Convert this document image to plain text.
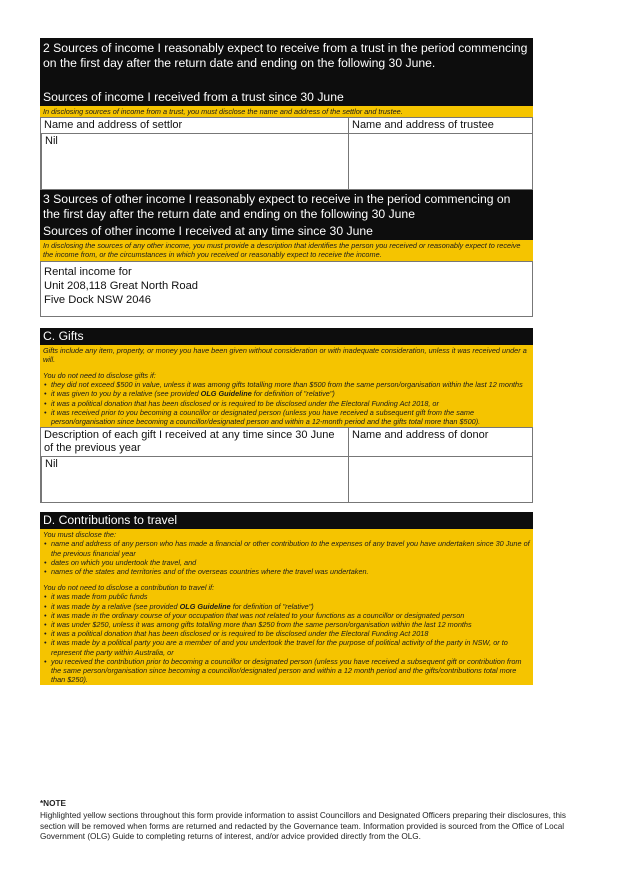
2 Sources of income I reasonably expect to receive from a trust in the period commencing on the first day after the return date and ending on the following 30 June.
Sources of income I received from a trust since 30 June
In disclosing sources of income from a trust, you must disclose the name and address of the settlor and trustee.
Name and address of settlor	Name and address of trustee
Nil
3 Sources of other income I reasonably expect to receive in the period commencing on the first day after the return date and ending on the following 30 June
Sources of other income I received at any time since 30 June
In disclosing the sources of any other income, you must provide a description that identifies the person you received or reasonably expect to receive the income from, or the circumstances in which you received or reasonably expect to receive the income.
Rental income for
Unit 208,118 Great North Road
Five Dock NSW 2046
C. Gifts

Gifts include any item, property, or money you have been given without consideration or with inadequate consideration, unless it was received under a will.

You do not need to disclose gifts if:

• they did not exceed $500 in value, unless it was among gifts totalling more than $500 from the same person/organisation within the last 12 months
• it was given to you by a relative (see provided OLG Guideline for definition of "relative")
• it was a political donation that has been disclosed or is required to be disclosed under the Electoral Funding Act 2018, or
• it was received prior to you becoming a councillor or designated person (unless you have received a subsequent gift from the same person/organisation since becoming a councillor/designated person and within a 12-month period and the gifts total more than $500).
Description of each gift I received at any time since 30 June of the previous year
Name and address of donor
Nil
D. Contributions to travel

You must disclose the:

• name and address of any person who has made a financial or other contribution to the expenses of any travel you have undertaken since 30 June of the previous financial year
• dates on which you undertook the travel, and
• names of the states and territories and of the overseas countries where the travel was undertaken.

You do not need to disclose a contribution to travel if:

• it was made from public funds
• it was made by a relative (see provided OLG Guideline for definition of "relative")
• it was made in the ordinary course of your occupation that was not related to your functions as a councillor or designated person
• it was under $250, unless it was among gifts totalling more than $250 from the same person/organisation within the last 12 months
• it was a political donation that has been disclosed or is required to be disclosed under the Electoral Funding Act 2018
• it was made by a political party you are a member of and you undertook the travel for the purpose of political activity of the party in NSW, or to represent the party within Australia, or
• you received the contribution prior to becoming a councillor or designated person (unless you have received a subsequent gift or contribution from the same person/organisation since becoming a councillor/designated person and within a 12 month period and the gifts/contributions total more than $250).
*NOTE
Highlighted yellow sections throughout this form provide information to assist Councillors and Designated Officers preparing their disclosures, this section will be removed when forms are returned and redacted by the Governance team. Information provided is sourced from the Office of Local Government (OLG) Guide to completing returns of interest, and/or advice provided directly from the OLG.
